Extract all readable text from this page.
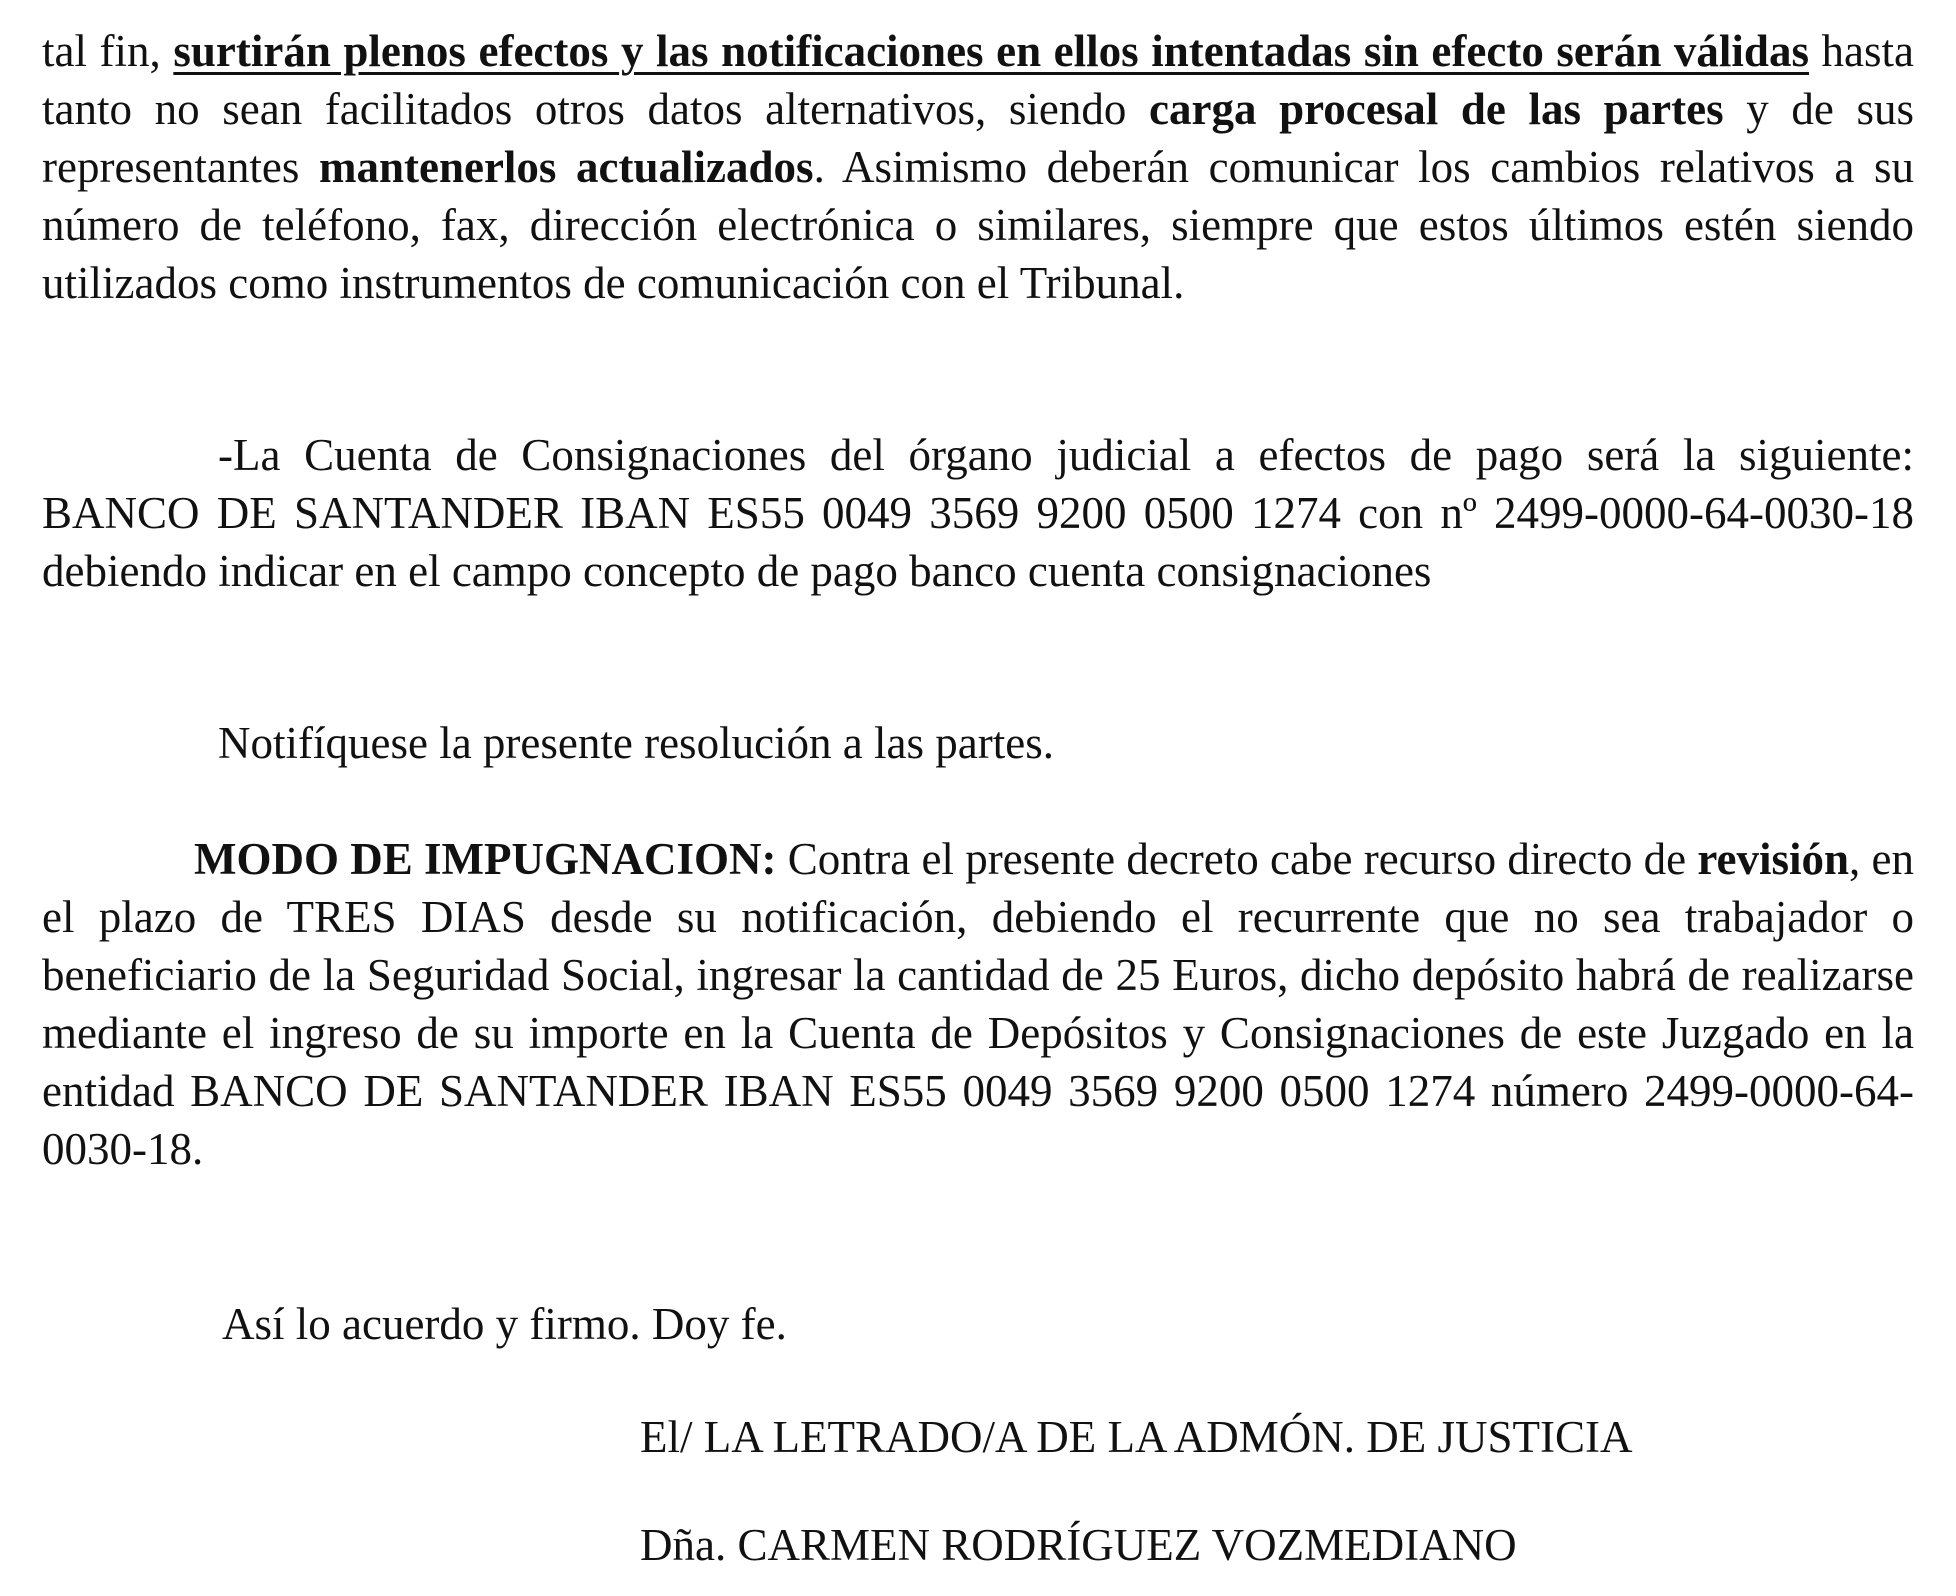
tal fin, surtirán plenos efectos y las notificaciones en ellos intentadas sin efecto serán válidas hasta tanto no sean facilitados otros datos alternativos, siendo carga procesal de las partes y de sus representantes mantenerlos actualizados. Asimismo deberán comunicar los cambios relativos a su número de teléfono, fax, dirección electrónica o similares, siempre que estos últimos estén siendo utilizados como instrumentos de comunicación con el Tribunal.

-La Cuenta de Consignaciones del órgano judicial a efectos de pago será la siguiente: BANCO DE SANTANDER IBAN ES55 0049 3569 9200 0500 1274 con nº 2499-0000-64-0030-18 debiendo indicar en el campo concepto de pago banco cuenta consignaciones

Notifíquese la presente resolución a las partes.

MODO DE IMPUGNACION: Contra el presente decreto cabe recurso directo de revisión, en el plazo de TRES DIAS desde su notificación, debiendo el recurrente que no sea trabajador o beneficiario de la Seguridad Social, ingresar la cantidad de 25 Euros, dicho depósito habrá de realizarse mediante el ingreso de su importe en la Cuenta de Depósitos y Consignaciones de este Juzgado en la entidad BANCO DE SANTANDER IBAN ES55 0049 3569 9200 0500 1274 número 2499-0000-64-0030-18.

Así lo acuerdo y firmo. Doy fe.

El/ LA LETRADO/A DE LA ADMÓN. DE JUSTICIA

Dña. CARMEN RODRÍGUEZ VOZMEDIANO
